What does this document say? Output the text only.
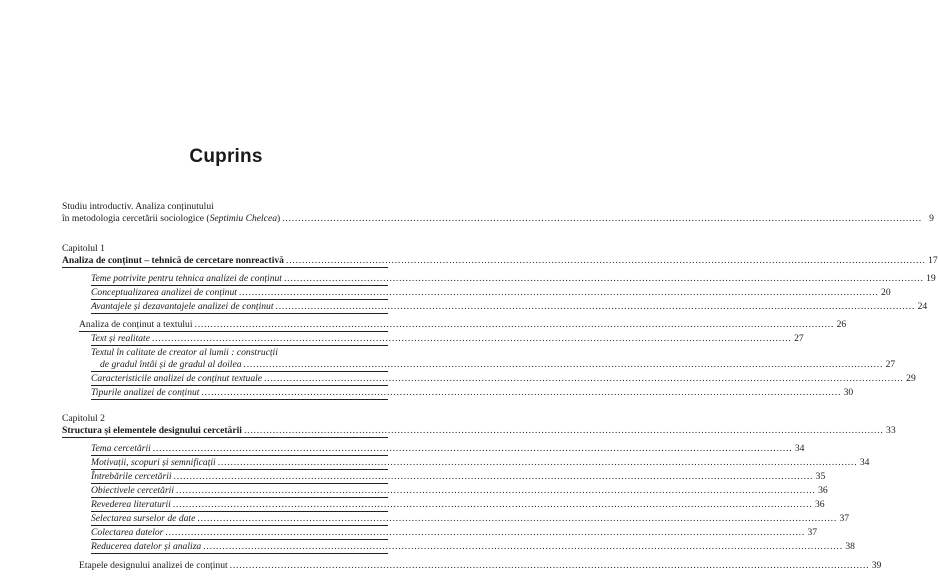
Cuprins
Studiu introductiv. Analiza conținutului
în metodologia cercetării sociologice (Septimiu Chelcea) ........................................................................................................................................................................................................ 9
Capitolul 1
Analiza de conținut – tehnică de cercetare nonreactivă ........................................................................................................................................................................................................ 17
Teme potrivite pentru tehnica analizei de conținut ........................................................................................................................................................................................................ 19
Conceptualizarea analizei de conținut ........................................................................................................................................................................................................ 20
Avantajele și dezavantajele analizei de conținut ........................................................................................................................................................................................................ 24
Analiza de conținut a textului ........................................................................................................................................................................................................ 26
Text și realitate ........................................................................................................................................................................................................ 27
Textul în calitate de creator al lumii : construcții
de gradul întâi și de gradul al doilea ........................................................................................................................................................................................................ 27
Caracteristicile analizei de conținut textuale ........................................................................................................................................................................................................ 29
Tipurile analizei de conținut ........................................................................................................................................................................................................ 30
Capitolul 2
Structura și elementele designului cercetării ........................................................................................................................................................................................................ 33
Tema cercetării ........................................................................................................................................................................................................ 34
Motivații, scopuri și semnificații ........................................................................................................................................................................................................ 34
Întrebările cercetării ........................................................................................................................................................................................................ 35
Obiectivele cercetării ........................................................................................................................................................................................................ 36
Revederea literaturii ........................................................................................................................................................................................................ 36
Selectarea surselor de date ........................................................................................................................................................................................................ 37
Colectarea datelor ........................................................................................................................................................................................................ 37
Reducerea datelor și analiza ........................................................................................................................................................................................................ 38
Etapele designului analizei de conținut ........................................................................................................................................................................................................ 39
